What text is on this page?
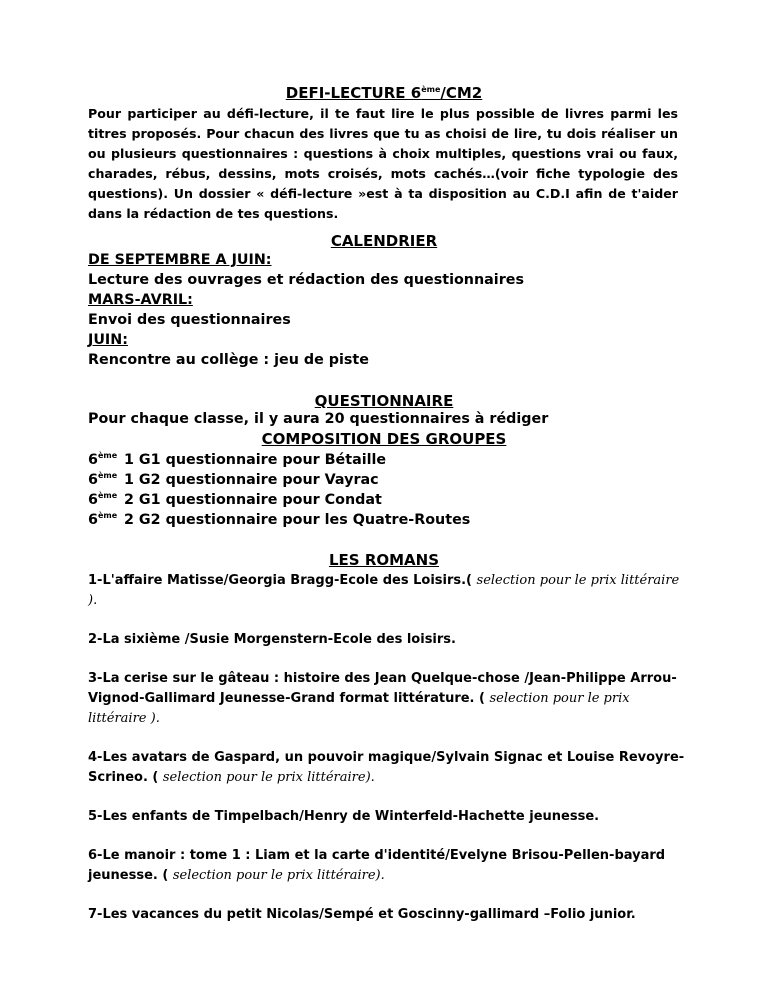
DEFI-LECTURE 6ème/CM2

Pour participer au défi-lecture, il te faut lire le plus possible de livres parmi les titres proposés. Pour chacun des livres que tu as choisi de lire, tu dois réaliser un ou plusieurs questionnaires : questions à choix multiples, questions vrai ou faux, charades, rébus, dessins, mots croisés, mots cachés…(voir fiche typologie des questions). Un dossier « défi-lecture »est à ta disposition au C.D.I afin de t'aider dans la rédaction de tes questions.

CALENDRIER
DE SEPTEMBRE A JUIN:
Lecture des ouvrages et rédaction des questionnaires
MARS-AVRIL:
Envoi des questionnaires
JUIN:
Rencontre au collège : jeu de piste
QUESTIONNAIRE
Pour chaque classe, il y aura 20 questionnaires à rédiger
COMPOSITION DES GROUPES
6ème 1 G1 questionnaire pour Bétaille
6ème 1 G2 questionnaire pour Vayrac
6ème 2 G1 questionnaire pour Condat
6ème 2 G2 questionnaire pour les Quatre-Routes
LES ROMANS

1-L'affaire Matisse/Georgia Bragg-Ecole des Loisirs.( selection pour le prix littéraire ).

2-La sixième /Susie Morgenstern-Ecole des loisirs.

3-La cerise sur le gâteau : histoire des Jean Quelque-chose /Jean-Philippe Arrou-Vignod-Gallimard Jeunesse-Grand format littérature. ( selection pour le prix littéraire ).

4-Les avatars de Gaspard, un pouvoir magique/Sylvain Signac et Louise Revoyre-Scrineo. ( selection pour le prix littéraire).

5-Les enfants de Timpelbach/Henry de Winterfeld-Hachette jeunesse.

6-Le manoir : tome 1 : Liam et la carte d'identité/Evelyne Brisou-Pellen-bayard jeunesse. ( selection pour le prix littéraire).

7-Les vacances du petit Nicolas/Sempé et Goscinny-gallimard –Folio junior.
